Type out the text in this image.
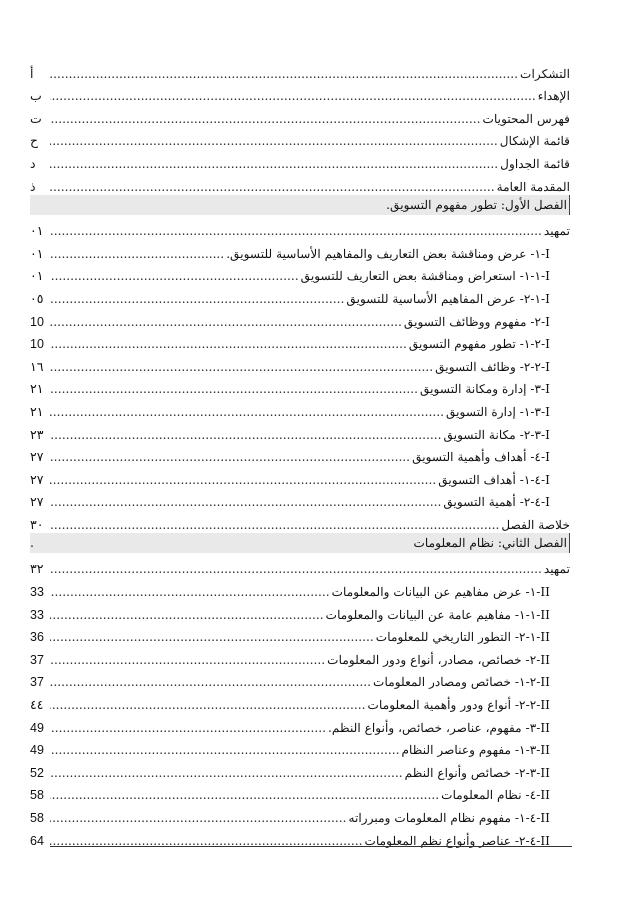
التشكرات
.....
أ
الإهداء
.....
ب
فهرس المحتويات
.....
ت
قائمة الإشكال
.....
ح
قائمة الجداول
.....
د
المقدمة العامة
.....
ذ
الفصل الأول: تطور مفهوم التسويق.
تمهيد
.....
٠١
I-١- عرض ومناقشة بعض التعاريف والمفاهيم الأساسية للتسويق.
.....
٠١
I-١-١- استعراض ومناقشة بعض التعاريف للتسويق
.....
٠١
I-١-٢- عرض المفاهيم الأساسية للتسويق
.....
٠٥
I-٢- مفهوم ووظائف التسويق
.....
10
I-٢-١- تطور مفهوم التسويق
.....
10
I-٢-٢- وظائف التسويق
.....
١٦
I-٣- إدارة ومكانة التسويق
.....
٢١
I-٣-١- إدارة التسويق
.....
٢١
I-٣-٢- مكانة التسويق
.....
٢٣
I-٤- أهداف وأهمية التسويق
.....
٢٧
I-٤-١- أهداف التسويق
.....
٢٧
I-٤-٢- أهمية التسويق
.....
٢٧
خلاصة الفصل
.....
٣٠
الفصل الثاني: نظام المعلومات
.
تمهيد
.....
٣٢
II-١- عرض مفاهيم عن البيانات والمعلومات
.....
33
II-١-١- مفاهيم عامة عن البيانات والمعلومات
.....
33
II-١-٢- التطور التاريخي للمعلومات
.....
36
II-٢- خصائص، مصادر، أنواع ودور المعلومات
.....
37
II-٢-١- خصائص ومصادر المعلومات
.....
37
II-٢-٢- أنواع ودور وأهمية المعلومات
.....
٤٤
II-٣- مفهوم، عناصر، خصائص، وأنواع النظم.
.....
49
II-٣-١- مفهوم وعناصر النظام
.....
49
II-٣-٢- خصائص وأنواع النظم
.....
52
II-٤- نظام المعلومات
.....
58
II-٤-١- مفهوم نظام المعلومات ومبرراته
.....
58
II-٤-٢- عناصر وأنواع نظم المعلومات
.....
64
